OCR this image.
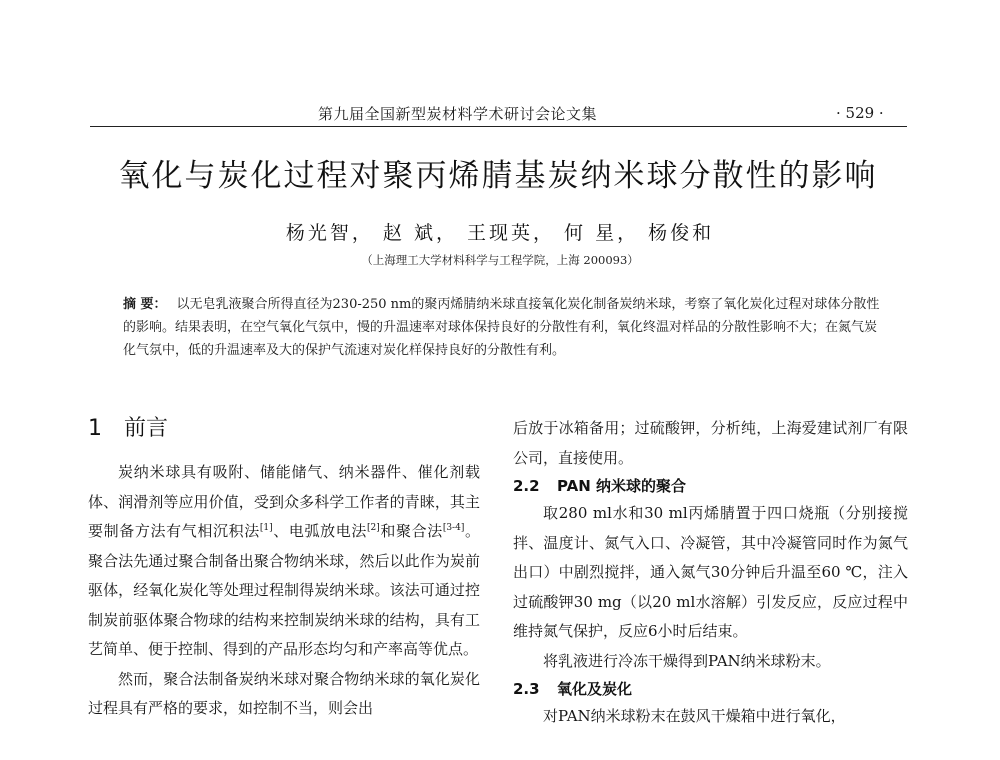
第九届全国新型炭材料学术研讨会论文集	· 529 ·
氧化与炭化过程对聚丙烯腈基炭纳米球分散性的影响
杨光智， 赵 斌， 王现英， 何 星， 杨俊和
（上海理工大学材料科学与工程学院，上海 200093）
摘 要： 以无皂乳液聚合所得直径为230-250 nm的聚丙烯腈纳米球直接氧化炭化制备炭纳米球，考察了氧化炭化过程对球体分散性的影响。结果表明，在空气氧化气氛中，慢的升温速率对球体保持良好的分散性有利，氧化终温对样品的分散性影响不大；在氮气炭化气氛中，低的升温速率及大的保护气流速对炭化样保持良好的分散性有利。
1 前言

炭纳米球具有吸附、储能储气、纳米器件、催化剂载体、润滑剂等应用价值，受到众多科学工作者的青睐，其主要制备方法有气相沉积法[1]、电弧放电法[2]和聚合法[3-4]。聚合法先通过聚合制备出聚合物纳米球，然后以此作为炭前驱体，经氧化炭化等处理过程制得炭纳米球。该法可通过控制炭前驱体聚合物球的结构来控制炭纳米球的结构，具有工艺简单、便于控制、得到的产品形态均匀和产率高等优点。

然而，聚合法制备炭纳米球对聚合物纳米球的氧化炭化过程具有严格的要求，如控制不当，则会出

后放于冰箱备用；过硫酸钾，分析纯，上海爱建试剂厂有限公司，直接使用。

2.2 PAN 纳米球的聚合

取280 ml水和30 ml丙烯腈置于四口烧瓶（分别接搅拌、温度计、氮气入口、冷凝管，其中冷凝管同时作为氮气出口）中剧烈搅拌，通入氮气30分钟后升温至60 ℃，注入过硫酸钾30 mg（以20 ml水溶解）引发反应，反应过程中维持氮气保护，反应6小时后结束。

将乳液进行冷冻干燥得到PAN纳米球粉末。

2.3 氧化及炭化

对PAN纳米球粉末在鼓风干燥箱中进行氧化，
